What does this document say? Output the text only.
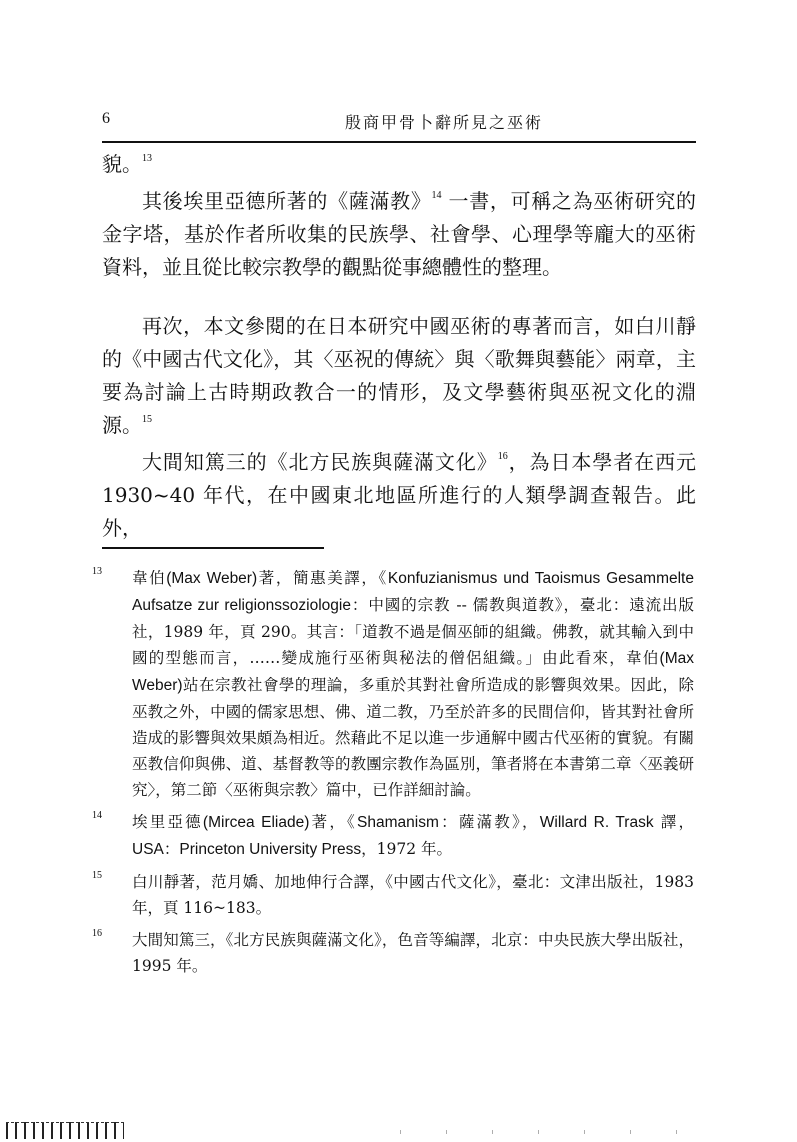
6	殷商甲骨卜辭所見之巫術

貌。$^{13}$

其後埃里亞德所著的《薩滿教》$^{14}$ 一書，可稱之為巫術研究的金字塔，基於作者所收集的民族學、社會學、心理學等龐大的巫術資料，並且從比較宗教學的觀點從事總體性的整理。

再次，本文參閱的在日本研究中國巫術的專著而言，如白川靜的《中國古代文化》，其〈巫祝的傳統〉與〈歌舞與藝能〉兩章，主要為討論上古時期政教合一的情形，及文學藝術與巫祝文化的淵源。$^{15}$

大間知篤三的《北方民族與薩滿文化》$^{16}$，為日本學者在西元1930~40 年代，在中國東北地區所進行的人類學調查報告。此外，

13 韋伯(Max Weber)著，簡惠美譯，《Konfuzianismus und Taoismus Gesammelte Aufsatze zur religionssoziologie：中國的宗教 -- 儒教與道教》，臺北：遠流出版社，1989 年，頁 290。其言：「道教不過是個巫師的組織。佛教，就其輸入到中國的型態而言，……變成施行巫術與秘法的僧侶組織。」由此看來，韋伯(Max Weber)站在宗教社會學的理論，多重於其對社會所造成的影響與效果。因此，除巫教之外，中國的儒家思想、佛、道二教，乃至於許多的民間信仰，皆其對社會所造成的影響與效果頗為相近。然藉此不足以進一步通解中國古代巫術的實貌。有關巫教信仰與佛、道、基督教等的教團宗教作為區別，筆者將在本書第二章〈巫義研究〉，第二節〈巫術與宗教〉篇中，已作詳細討論。
14 埃里亞德(Mircea Eliade)著，《Shamanism：薩滿教》，Willard R. Trask 譯，USA：Princeton University Press，1972 年。
15 白川靜著，范月嬌、加地伸行合譯，《中國古代文化》，臺北：文津出版社，1983 年，頁 116~183。
16 大間知篤三，《北方民族與薩滿文化》，色音等編譯，北京：中央民族大學出版社，1995 年。
